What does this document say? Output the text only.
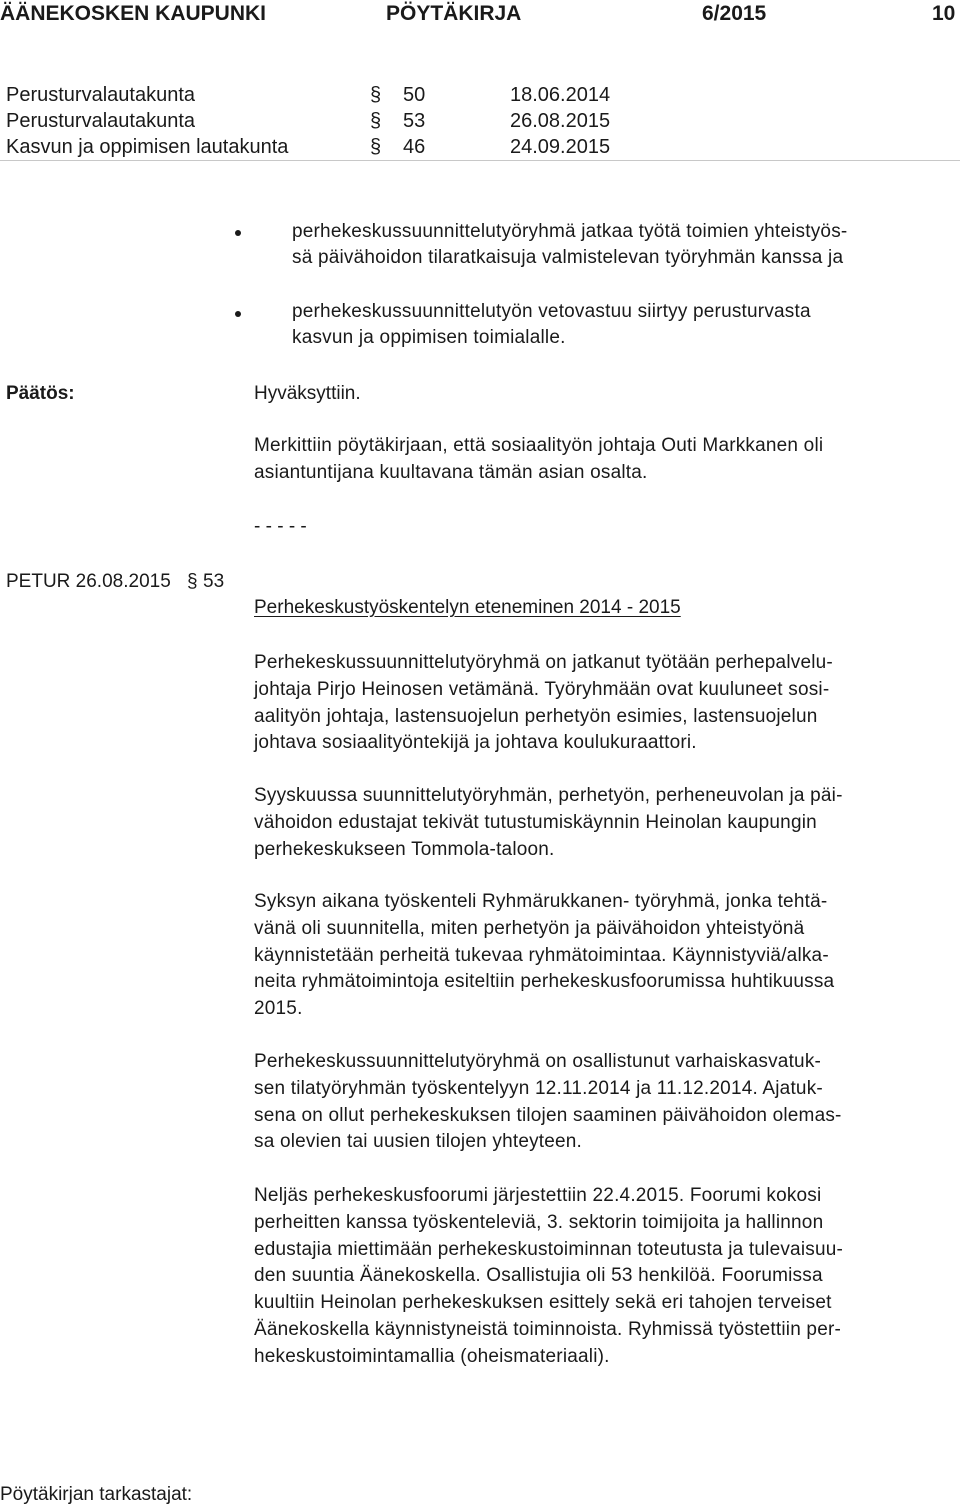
ÄÄNEKOSKEN KAUPUNKI	PÖYTÄKIRJA	6/2015	10
Perusturvalautakunta	§ 50	18.06.2014
Perusturvalautakunta	§ 53	26.08.2015
Kasvun ja oppimisen lautakunta	§ 46	24.09.2015
perhekeskussuunnittelutyöryhmä jatkaa työtä toimien yhteistyös-
sä päivähoidon tilaratkaisuja valmistelevan työryhmän kanssa ja
perhekeskussuunnittelutyön vetovastuu siirtyy perusturvasta
kasvun ja oppimisen toimialalle.
Päätös:	Hyväksyttiin.
Merkittiin pöytäkirjaan, että sosiaalityön johtaja Outi Markkanen oli
asiantuntijana kuultavana tämän asian osalta.
- - - - -
PETUR 26.08.2015 § 53
Perhekeskustyöskentelyn eteneminen 2014 - 2015
Perhekeskussuunnittelutyöryhmä on jatkanut työtään perhepalvelu-
johtaja Pirjo Heinosen vetämänä. Työryhmään ovat kuuluneet sosi-
aalityön johtaja, lastensuojelun perhetyön esimies, lastensuojelun
johtava sosiaalityöntekijä ja johtava koulukuraattori.
Syyskuussa suunnittelutyöryhmän, perhetyön, perheneuvolan ja päi-
vähoidon edustajat tekivät tutustumiskäynnin Heinolan kaupungin
perhekeskukseen Tommola-taloon.
Syksyn aikana työskenteli Ryhmärukkanen- työryhmä, jonka tehtä-
vänä oli suunnitella, miten perhetyön ja päivähoidon yhteistyönä
käynnistetään perheitä tukevaa ryhmätoimintaa. Käynnistyviä/alka-
neita ryhmätoimintoja esiteltiin perhekeskusfoorumissa huhtikuussa
2015.
Perhekeskussuunnittelutyöryhmä on osallistunut varhaiskasvatuk-
sen tilatyöryhmän työskentelyyn 12.11.2014 ja 11.12.2014. Ajatuk-
sena on ollut perhekeskuksen tilojen saaminen päivähoidon olemas-
sa olevien tai uusien tilojen yhteyteen.
Neljäs perhekeskusfoorumi järjestettiin 22.4.2015. Foorumi kokosi
perheitten kanssa työskenteleviä, 3. sektorin toimijoita ja hallinnon
edustajia miettimään perhekeskustoiminnan toteutusta ja tulevaisuu-
den suuntia Äänekoskella. Osallistujia oli 53 henkilöä. Foorumissa
kuultiin Heinolan perhekeskuksen esittely sekä eri tahojen terveiset
Äänekoskella käynnistyneistä toiminnoista. Ryhmissä työstettiin per-
hekeskustoimintamallia (oheismateriaali).
Pöytäkirjan tarkastajat:
